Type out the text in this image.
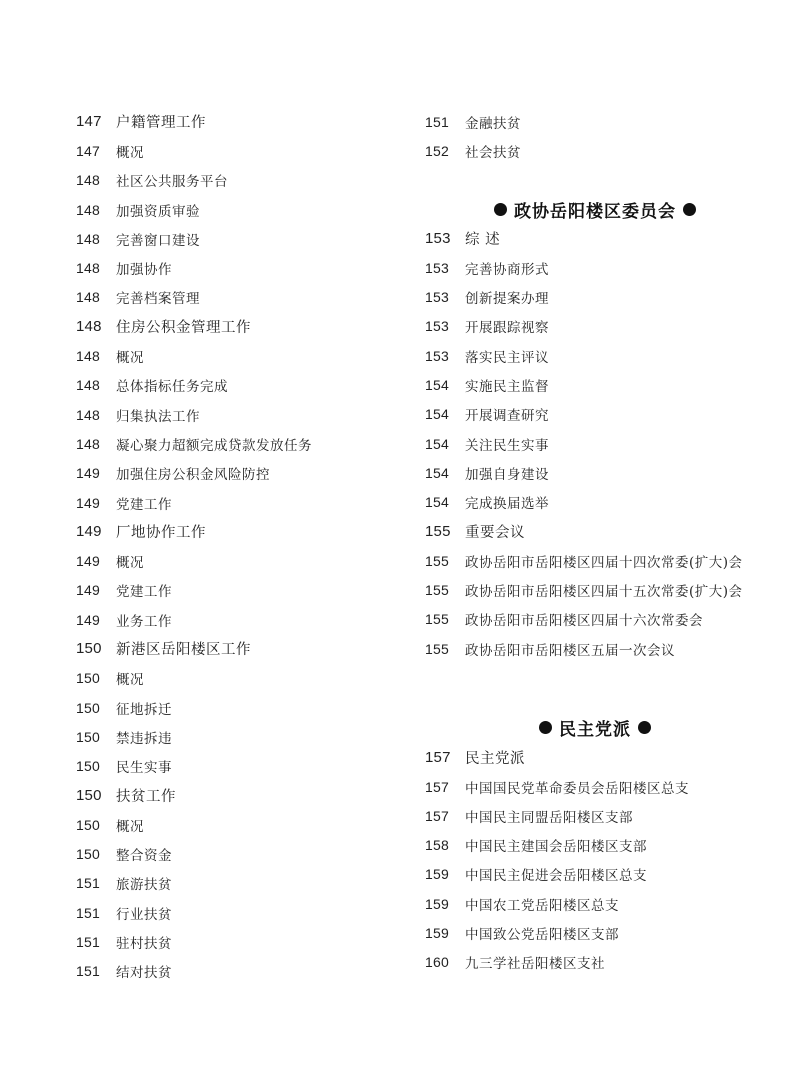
147 户籍管理工作
147	概况
148	社区公共服务平台
148	加强资质审验
148	完善窗口建设
148	加强协作
148	完善档案管理
148 住房公积金管理工作
148	概况
148	总体指标任务完成
148	归集执法工作
148	凝心聚力超额完成贷款发放任务
149	加强住房公积金风险防控
149	党建工作
149 厂地协作工作
149	概况
149	党建工作
149	业务工作
150 新港区岳阳楼区工作
150	概况
150	征地拆迁
150	禁违拆违
150	民生实事
150 扶贫工作
150	概况
150	整合资金
151	旅游扶贫
151	行业扶贫
151	驻村扶贫
151	结对扶贫
151	金融扶贫
152	社会扶贫
政协岳阳楼区委员会
153 综 述
153	完善协商形式
153	创新提案办理
153	开展跟踪视察
153	落实民主评议
154	实施民主监督
154	开展调查研究
154	关注民生实事
154	加强自身建设
154	完成换届选举
155 重要会议
155	政协岳阳市岳阳楼区四届十四次常委(扩大)会
155	政协岳阳市岳阳楼区四届十五次常委(扩大)会
155	政协岳阳市岳阳楼区四届十六次常委会
155	政协岳阳市岳阳楼区五届一次会议
民主党派
157 民主党派
157	中国国民党革命委员会岳阳楼区总支
157	中国民主同盟岳阳楼区支部
158	中国民主建国会岳阳楼区支部
159	中国民主促进会岳阳楼区总支
159	中国农工党岳阳楼区总支
159	中国致公党岳阳楼区支部
160	九三学社岳阳楼区支社
